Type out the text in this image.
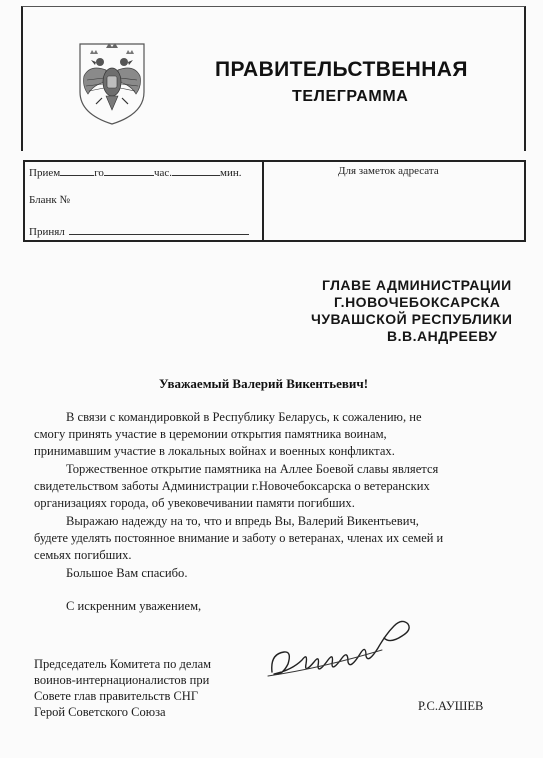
ПРАВИТЕЛЬСТВЕННАЯ
ТЕЛЕГРАММА
Прием	го	час.	мин.
Бланк №
Принял
Для заметок адресата
ГЛАВЕ АДМИНИСТРАЦИИ
Г.НОВОЧЕБОКСАРСКА
ЧУВАШСКОЙ РЕСПУБЛИКИ
В.В.АНДРЕЕВУ
Уважаемый Валерий Викентьевич!
В связи с командировкой в Республику Беларусь, к сожалению, не
смогу принять участие в церемонии открытия памятника воинам,
принимавшим участие в локальных войнах и военных конфликтах.
Торжественное открытие памятника на Аллее Боевой славы является
свидетельством заботы Администрации г.Новочебоксарска о ветеранских
организациях города, об увековечивании памяти погибших.
Выражаю надежду на то, что и впредь Вы, Валерий Викентьевич,
будете уделять постоянное внимание и заботу о ветеранах, членах их семей и
семьях погибших.
Большое Вам спасибо.
С искренним уважением,
Председатель Комитета по делам
воинов-интернационалистов при
Совете глав правительств СНГ
Герой Советского Союза	Р.С.АУШЕВ
